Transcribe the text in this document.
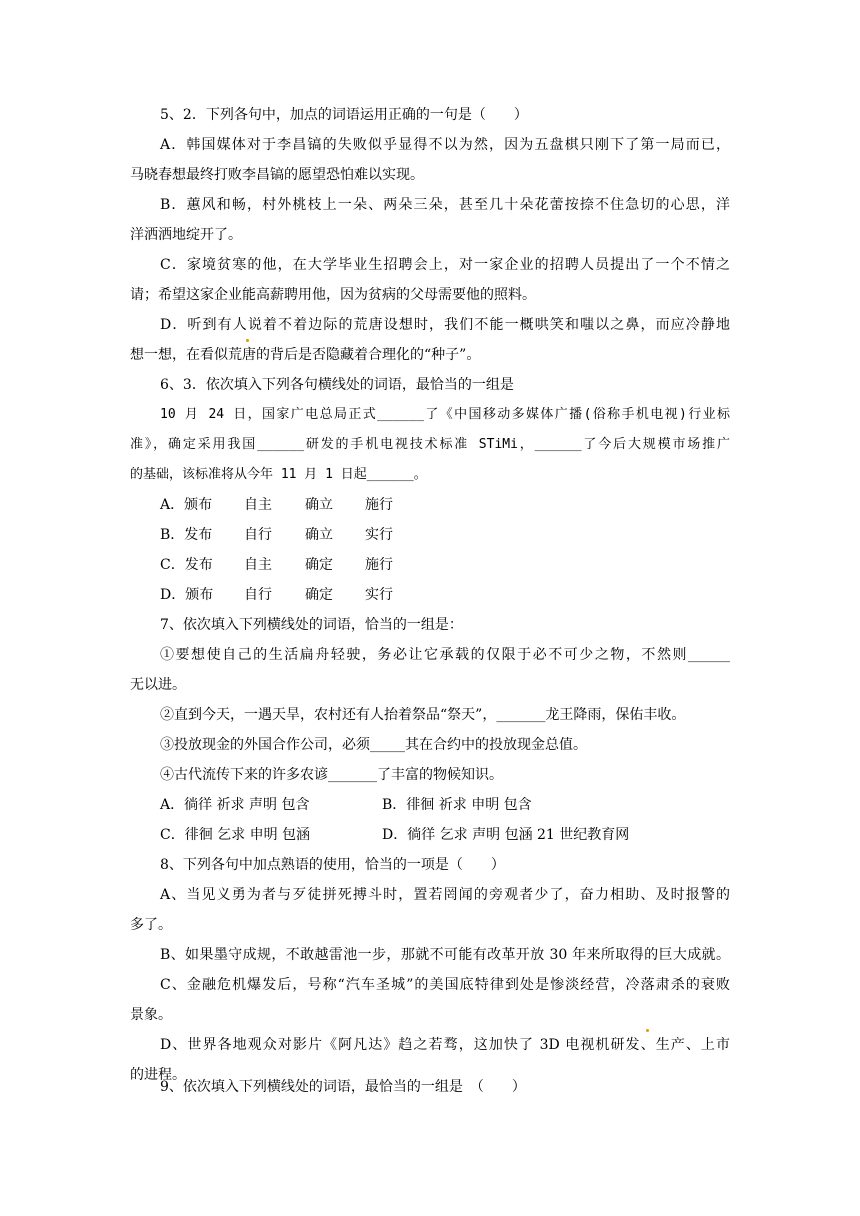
5、2．下列各句中，加点的词语运用正确的一句是（　　）
A．韩国媒体对于李昌镐的失败似乎显得不以为然，因为五盘棋只刚下了第一局而已，
马晓春想最终打败李昌镐的愿望恐怕难以实现。
B．蕙风和畅，村外桃枝上一朵、两朵三朵，甚至几十朵花蕾按捺不住急切的心思，洋
洋洒洒地绽开了。
C．家境贫寒的他，在大学毕业生招聘会上，对一家企业的招聘人员提出了一个不情之
请；希望这家企业能高薪聘用他，因为贫病的父母需要他的照料。
D．听到有人说着不着边际的荒唐设想时，我们不能一概哄笑和嗤以之鼻，而应冷静地
想一想，在看似荒唐的背后是否隐藏着合理化的“种子”。
6、3．依次填入下列各句横线处的词语，最恰当的一组是
10 月 24 日，国家广电总局正式______了《中国移动多媒体广播(俗称手机电视)行业标
准》，确定采用我国______研发的手机电视技术标准 STiMi，______了今后大规模市场推广
的基础，该标准将从今年 11 月 1 日起______。
A．颁布 自主 确立 施行
B．发布 自行 确立 实行
C．发布 自主 确定 施行
D．颁布 自行 确定 实行
7、依次填入下列横线处的词语，恰当的一组是：
①要想使自己的生活扁舟轻驶，务必让它承载的仅限于必不可少之物，不然则______
无以进。
②直到今天，一遇天旱，农村还有人抬着祭品“祭天”，_______龙王降雨，保佑丰收。
③投放现金的外国合作公司，必须_____其在合约中的投放现金总值。
④古代流传下来的许多农谚_______了丰富的物候知识。
A．徜徉 祈求 声明 包含	B．徘徊 祈求 申明 包含
C．徘徊 乞求 申明 包涵	D．徜徉 乞求 声明 包涵 21 世纪教育网
8、下列各句中加点熟语的使用，恰当的一项是（　　）
A、当见义勇为者与歹徒拼死搏斗时，置若罔闻的旁观者少了，奋力相助、及时报警的
多了。
B、如果墨守成规，不敢越雷池一步，那就不可能有改革开放 30 年来所取得的巨大成就。
C、金融危机爆发后，号称“汽车圣城”的美国底特律到处是惨淡经营，冷落肃杀的衰败
景象。
D、世界各地观众对影片《阿凡达》趋之若骛，这加快了 3D 电视机研发、生产、上市
的进程。
9、依次填入下列横线处的词语，最恰当的一组是　（　　）
